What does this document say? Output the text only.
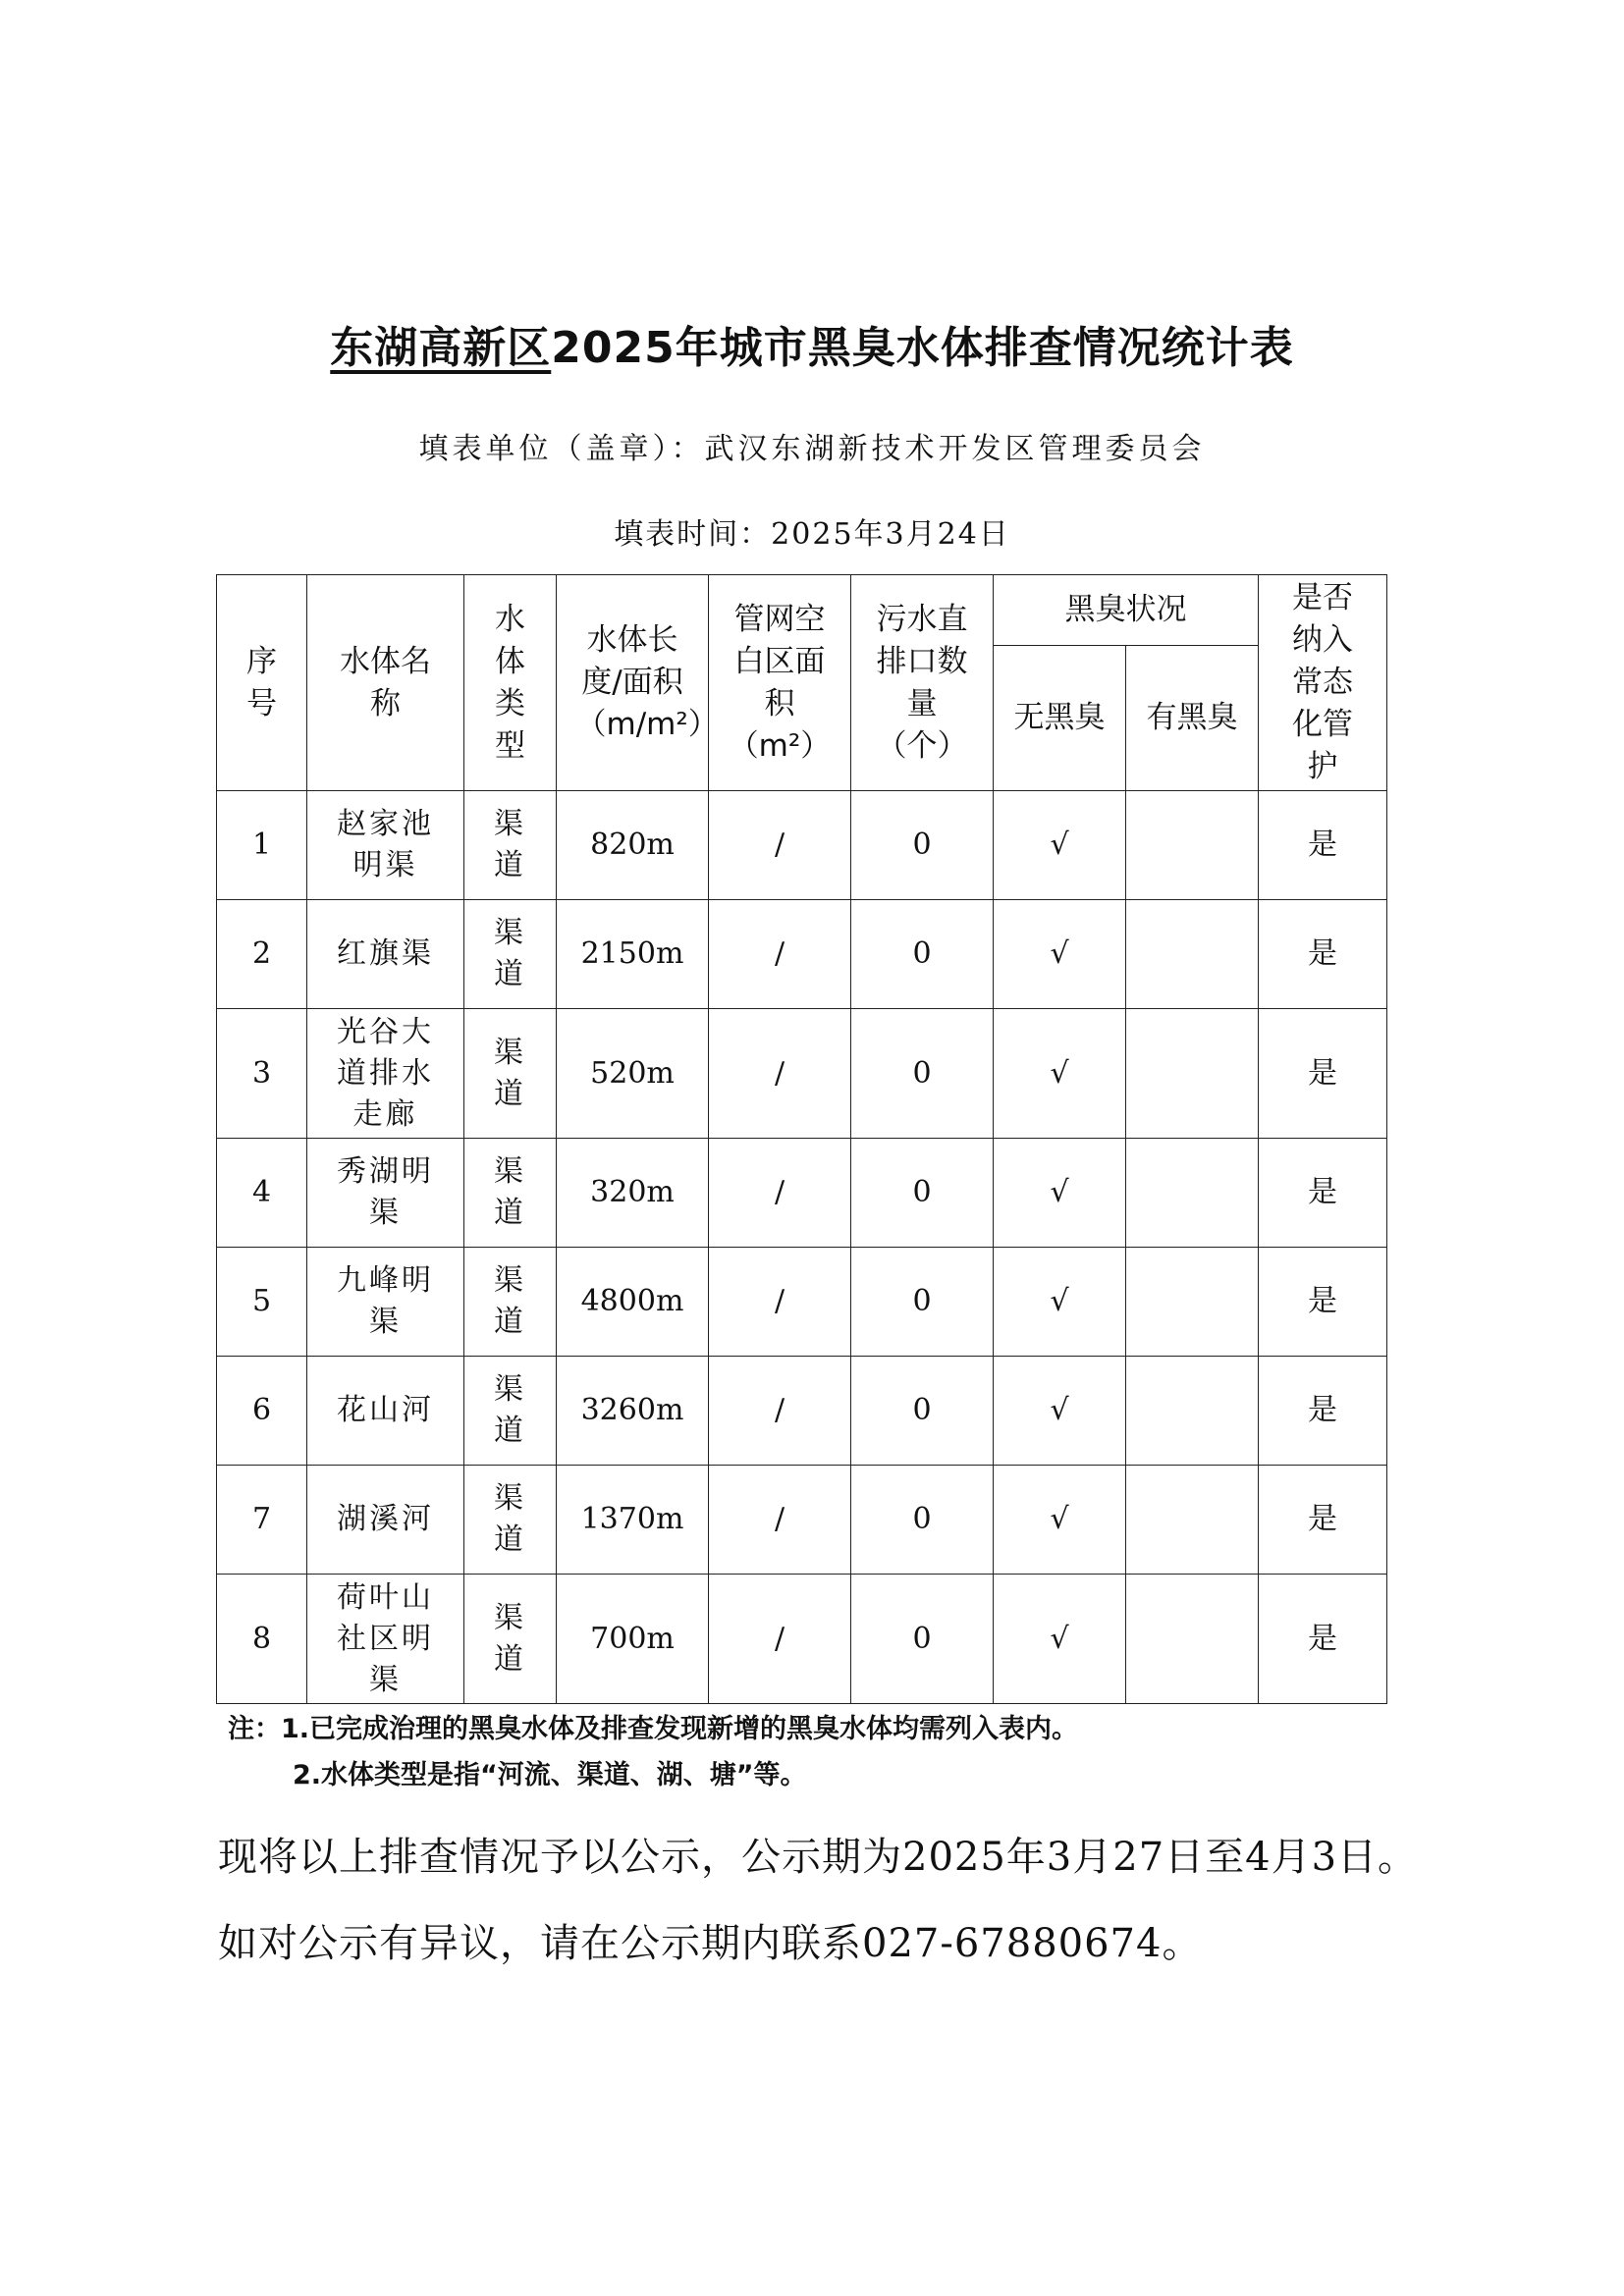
东湖高新区2025年城市黑臭水体排查情况统计表
填表单位（盖章）：武汉东湖新技术开发区管理委员会
填表时间：2025年3月24日
序号	水体名称	水体类型	水体长度/面积（m/m²）	管网空白区面积（m²）	污水直排口数量（个）	黑臭状况		是否纳入常态化管护

						无黑臭	有黑臭	
1	赵家池明渠	渠道	820m	/	0	√		是
2	红旗渠	渠道	2150m	/	0	√		是
3	光谷大道排水走廊	渠道	520m	/	0	√		是
4	秀湖明渠	渠道	320m	/	0	√		是
5	九峰明渠	渠道	4800m	/	0	√		是
6	花山河	渠道	3260m	/	0	√		是
7	湖溪河	渠道	1370m	/	0	√		是
8	荷叶山社区明渠	渠道	700m	/	0	√		是
注：1.已完成治理的黑臭水体及排查发现新增的黑臭水体均需列入表内。
2.水体类型是指“河流、渠道、湖、塘”等。
现将以上排查情况予以公示，公示期为2025年3月27日至4月3日。如对公示有异议，请在公示期内联系027-67880674。
